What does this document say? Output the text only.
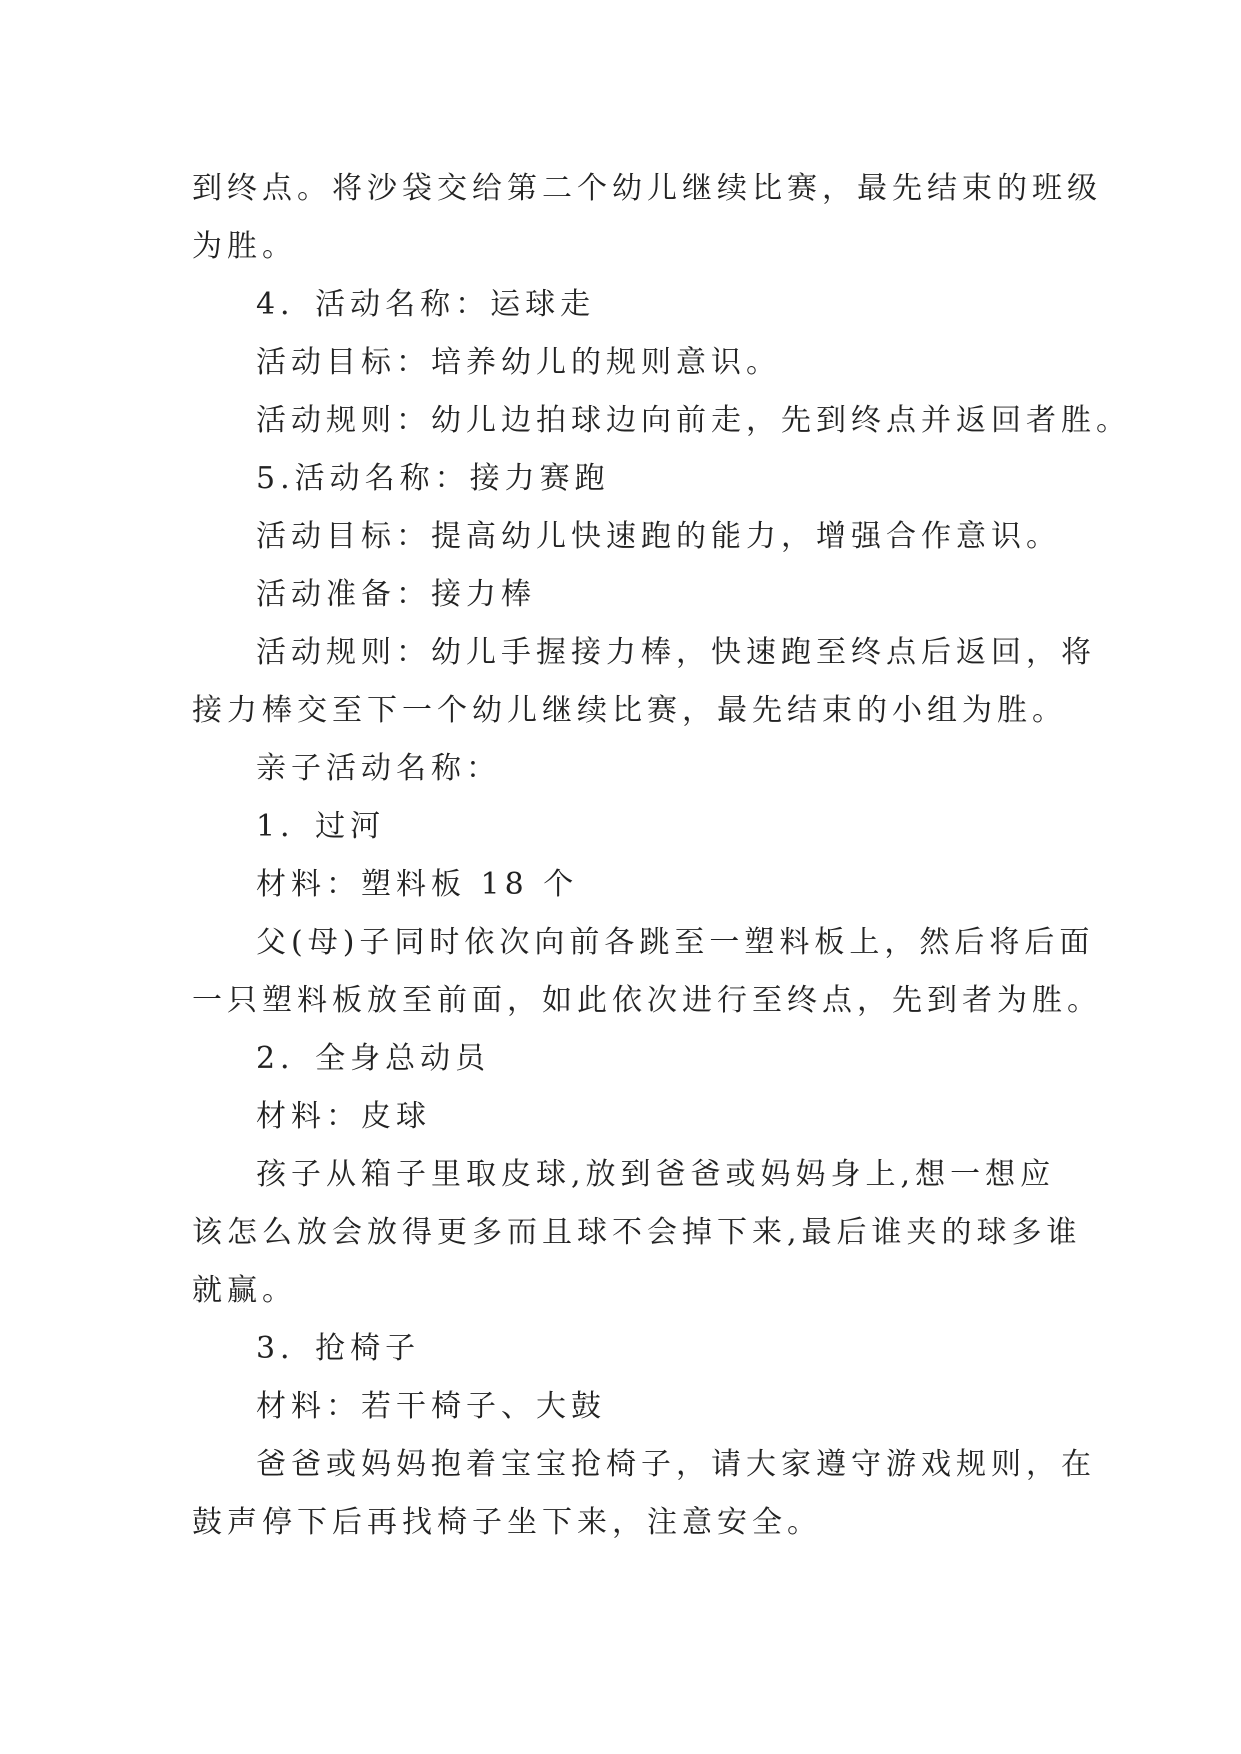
到终点。将沙袋交给第二个幼儿继续比赛，最先结束的班级
为胜。
4．活动名称：运球走
活动目标：培养幼儿的规则意识。
活动规则：幼儿边拍球边向前走，先到终点并返回者胜。
5.活动名称：接力赛跑
活动目标：提高幼儿快速跑的能力，增强合作意识。
活动准备：接力棒
活动规则：幼儿手握接力棒，快速跑至终点后返回，将
接力棒交至下一个幼儿继续比赛，最先结束的小组为胜。
亲子活动名称：
1．过河
材料：塑料板 18 个
父(母)子同时依次向前各跳至一塑料板上，然后将后面
一只塑料板放至前面，如此依次进行至终点，先到者为胜。
2．全身总动员
材料：皮球
孩子从箱子里取皮球,放到爸爸或妈妈身上,想一想应
该怎么放会放得更多而且球不会掉下来,最后谁夹的球多谁
就赢。
3．抢椅子
材料：若干椅子、大鼓
爸爸或妈妈抱着宝宝抢椅子，请大家遵守游戏规则，在
鼓声停下后再找椅子坐下来，注意安全。
